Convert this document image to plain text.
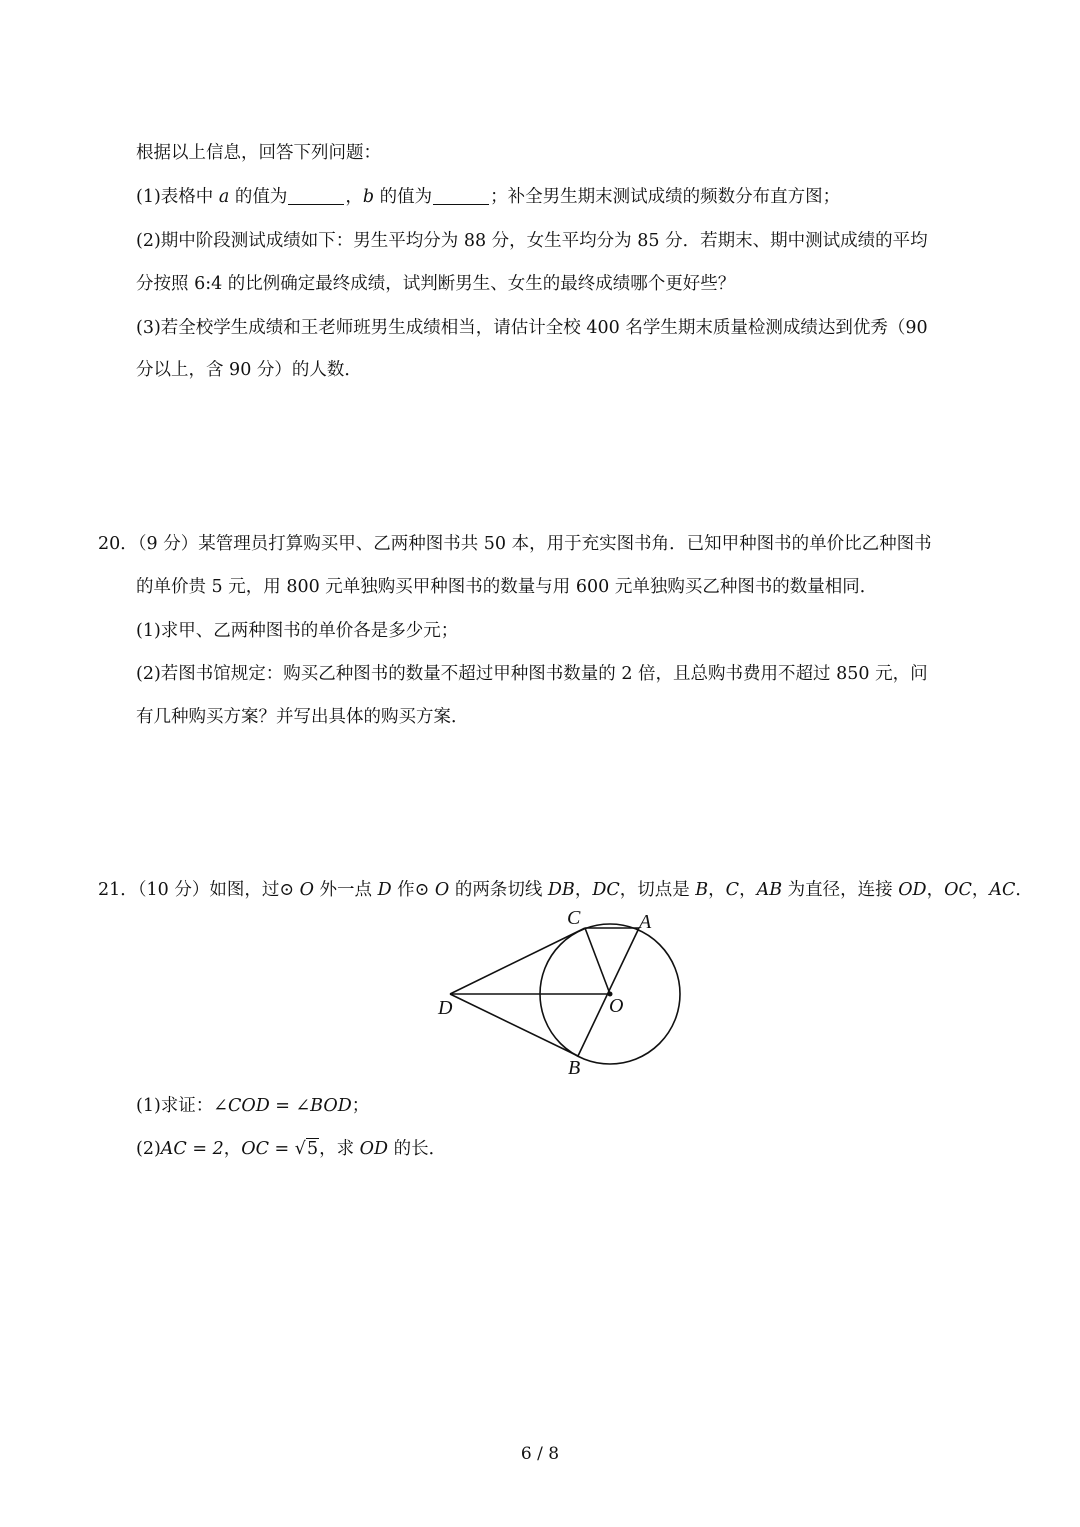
根据以上信息，回答下列问题：
(1)表格中 a 的值为	，b 的值为	；补全男生期末测试成绩的频数分布直方图；
(2)期中阶段测试成绩如下：男生平均分为 88 分，女生平均分为 85 分．若期末、期中测试成绩的平均
分按照 6:4 的比例确定最终成绩，试判断男生、女生的最终成绩哪个更好些？
(3)若全校学生成绩和王老师班男生成绩相当，请估计全校 400 名学生期末质量检测成绩达到优秀（90
分以上，含 90 分）的人数．
20．（9 分）某管理员打算购买甲、乙两种图书共 50 本，用于充实图书角．已知甲种图书的单价比乙种图书
的单价贵 5 元，用 800 元单独购买甲种图书的数量与用 600 元单独购买乙种图书的数量相同．
(1)求甲、乙两种图书的单价各是多少元；
(2)若图书馆规定：购买乙种图书的数量不超过甲种图书数量的 2 倍，且总购书费用不超过 850 元，问
有几种购买方案？并写出具体的购买方案．
21．（10 分）如图，过⊙ O 外一点 D 作⊙ O 的两条切线 DB，DC，切点是 B，C，AB 为直径，连接 OD，OC，AC．
C	A
D	O
B
(1)求证：∠COD = ∠BOD；
(2)AC = 2，OC = √5，求 OD 的长．
6 / 8
